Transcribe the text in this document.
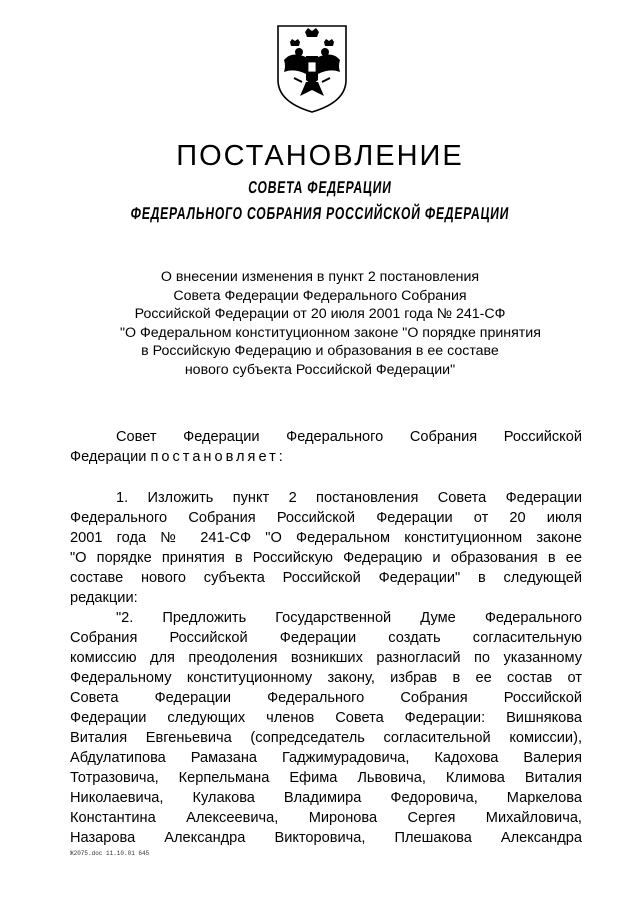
ПОСТАНОВЛЕНИЕ
СОВЕТА ФЕДЕРАЦИИ
ФЕДЕРАЛЬНОГО СОБРАНИЯ РОССИЙСКОЙ ФЕДЕРАЦИИ
О внесении изменения в пункт 2 постановления
Совета Федерации Федерального Собрания
Российской Федерации от 20 июля 2001 года № 241-СФ
"О Федеральном конституционном законе "О порядке принятия
в Российскую Федерацию и образования в ее составе
нового субъекта Российской Федерации"
Совет Федерации Федерального Собрания Российской
Федерации постановляет:
1. Изложить пункт 2 постановления Совета Федерации
Федерального Собрания Российской Федерации от 20 июля
2001 года № 241-СФ "О Федеральном конституционном законе
"О порядке принятия в Российскую Федерацию и образования в ее
составе нового субъекта Российской Федерации" в следующей
редакции:
"2. Предложить Государственной Думе Федерального
Собрания Российской Федерации создать согласительную
комиссию для преодоления возникших разногласий по указанному
Федеральному конституционному закону, избрав в ее состав от
Совета Федерации Федерального Собрания Российской
Федерации следующих членов Совета Федерации: Вишнякова
Виталия Евгеньевича (сопредседатель согласительной комиссии),
Абдулатипова Рамазана Гаджимурадовича, Кадохова Валерия
Тотразовича, Керпельмана Ефима Львовича, Климова Виталия
Николаевича, Кулакова Владимира Федоровича, Маркелова
Константина Алексеевича, Миронова Сергея Михайловича,
Назарова Александра Викторовича, Плешакова Александра
Ж2075.doc 11.10.01 645
